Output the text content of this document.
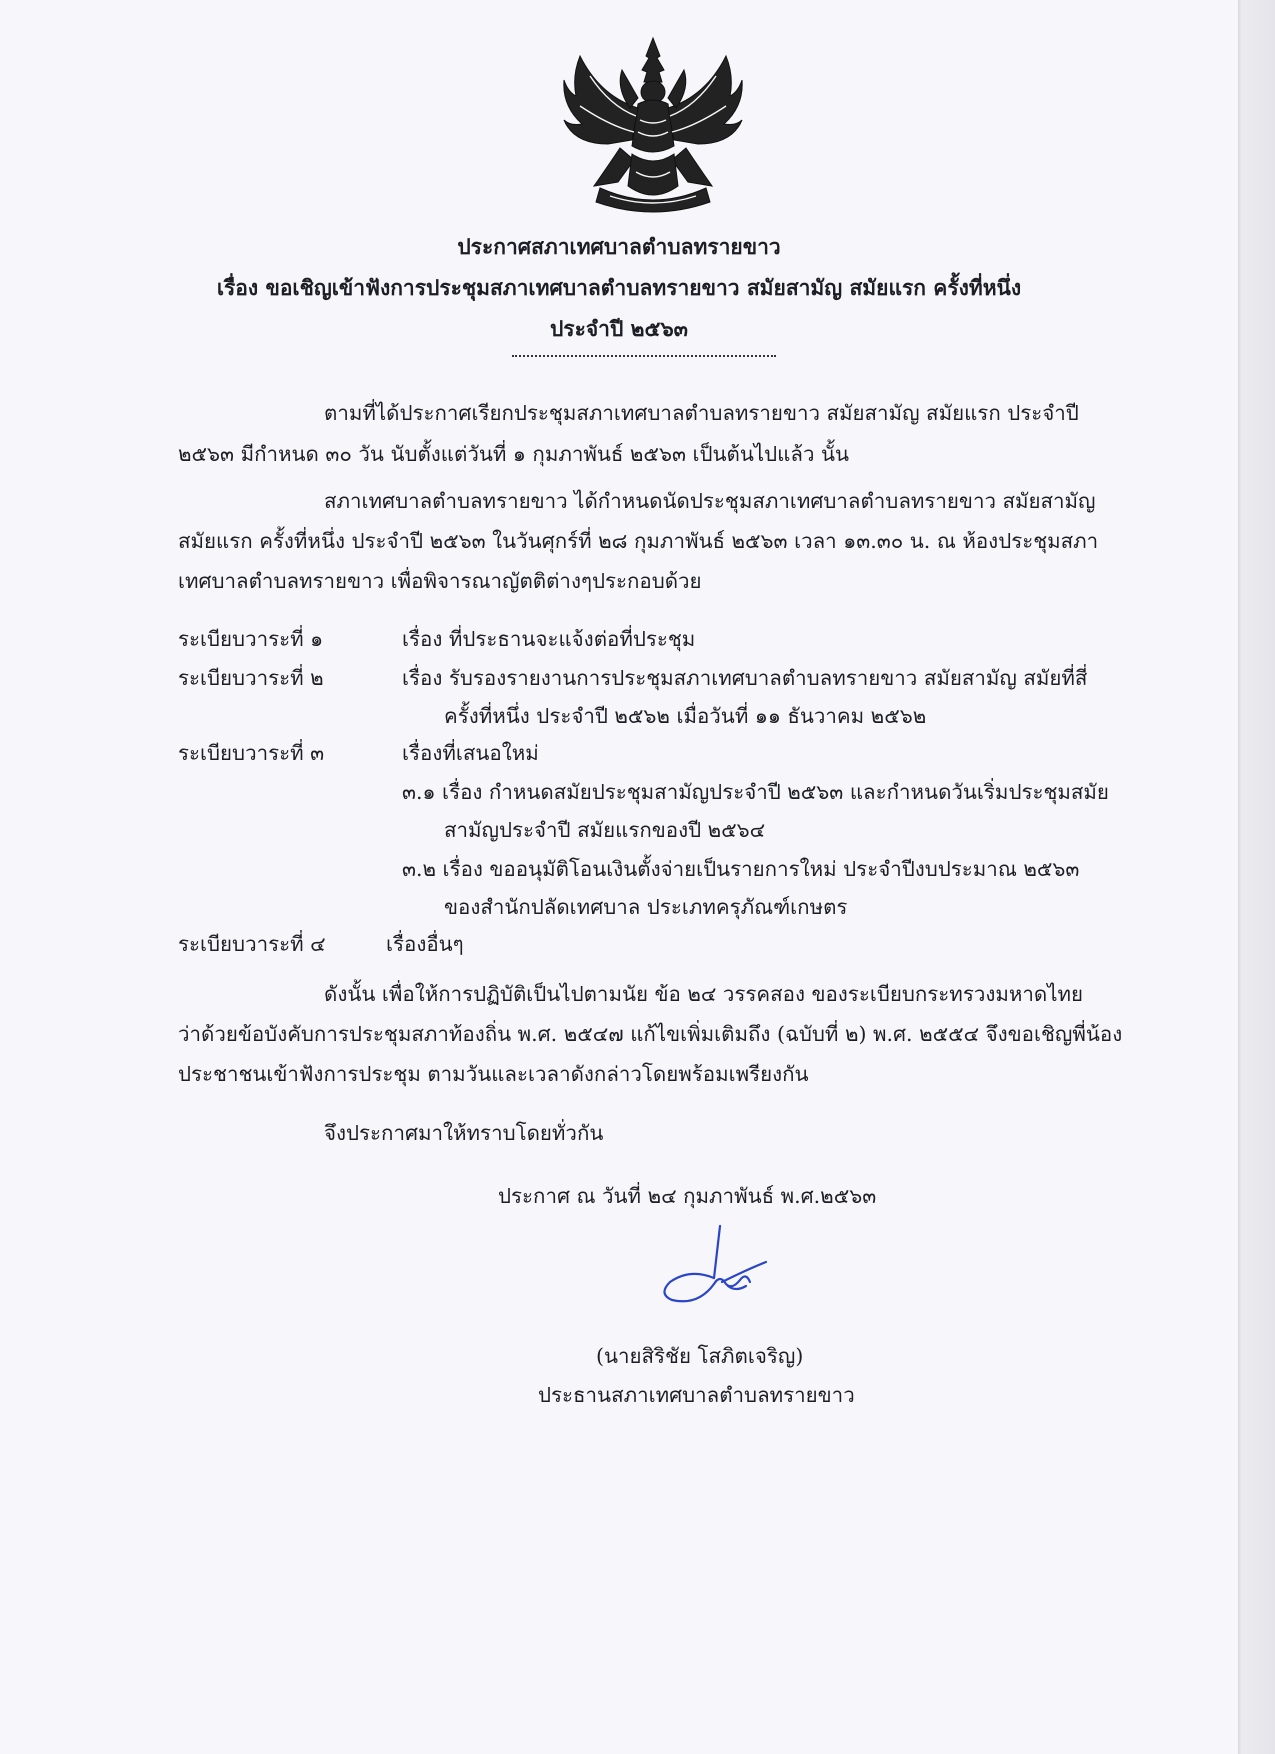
ประกาศสภาเทศบาลตำบลทรายขาว
เรื่อง ขอเชิญเข้าฟังการประชุมสภาเทศบาลตำบลทรายขาว สมัยสามัญ สมัยแรก ครั้งที่หนึ่ง
ประจำปี ๒๕๖๓
ตามที่ได้ประกาศเรียกประชุมสภาเทศบาลตำบลทรายขาว สมัยสามัญ สมัยแรก ประจำปี
๒๕๖๓ มีกำหนด ๓๐ วัน นับตั้งแต่วันที่ ๑ กุมภาพันธ์ ๒๕๖๓ เป็นต้นไปแล้ว นั้น
สภาเทศบาลตำบลทรายขาว ได้กำหนดนัดประชุมสภาเทศบาลตำบลทรายขาว สมัยสามัญ
สมัยแรก ครั้งที่หนึ่ง ประจำปี ๒๕๖๓ ในวันศุกร์ที่ ๒๘ กุมภาพันธ์ ๒๕๖๓ เวลา ๑๓.๓๐ น. ณ ห้องประชุมสภา
เทศบาลตำบลทรายขาว เพื่อพิจารณาญัตติต่างๆประกอบด้วย
ระเบียบวาระที่ ๑	เรื่อง ที่ประธานจะแจ้งต่อที่ประชุม
ระเบียบวาระที่ ๒	เรื่อง รับรองรายงานการประชุมสภาเทศบาลตำบลทรายขาว สมัยสามัญ สมัยที่สี่
ครั้งที่หนึ่ง ประจำปี ๒๕๖๒ เมื่อวันที่ ๑๑ ธันวาคม ๒๕๖๒
ระเบียบวาระที่ ๓	เรื่องที่เสนอใหม่
๓.๑ เรื่อง กำหนดสมัยประชุมสามัญประจำปี ๒๕๖๓ และกำหนดวันเริ่มประชุมสมัย
สามัญประจำปี สมัยแรกของปี ๒๕๖๔
๓.๒ เรื่อง ขออนุมัติโอนเงินตั้งจ่ายเป็นรายการใหม่ ประจำปีงบประมาณ ๒๕๖๓
ของสำนักปลัดเทศบาล ประเภทครุภัณฑ์เกษตร
ระเบียบวาระที่ ๔	เรื่องอื่นๆ
ดังนั้น เพื่อให้การปฏิบัติเป็นไปตามนัย ข้อ ๒๔ วรรคสอง ของระเบียบกระทรวงมหาดไทย
ว่าด้วยข้อบังคับการประชุมสภาท้องถิ่น พ.ศ. ๒๕๔๗ แก้ไขเพิ่มเติมถึง (ฉบับที่ ๒) พ.ศ. ๒๕๕๔ จึงขอเชิญพี่น้อง
ประชาชนเข้าฟังการประชุม ตามวันและเวลาดังกล่าวโดยพร้อมเพรียงกัน
จึงประกาศมาให้ทราบโดยทั่วกัน
ประกาศ ณ วันที่ ๒๔ กุมภาพันธ์ พ.ศ.๒๕๖๓
(นายสิริชัย โสภิตเจริญ)
ประธานสภาเทศบาลตำบลทรายขาว
